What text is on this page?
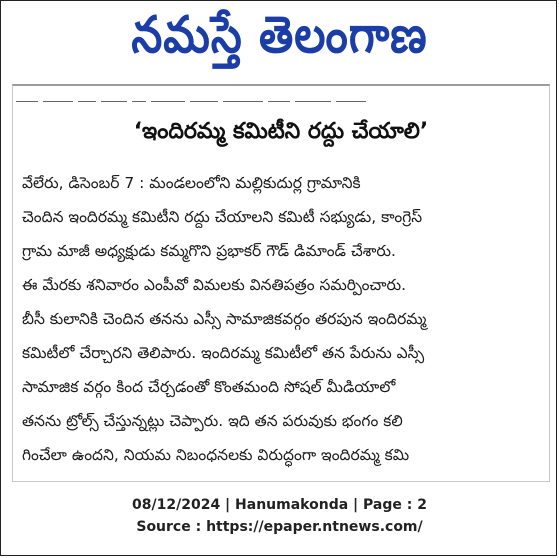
నమస్తే తెలంగాణ
‘ఇందిరమ్మ కమిటీని రద్దు చేయాలి’
వేలేరు, డిసెంబర్ 7 : మండలంలోని మల్లికుదుర్ల గ్రామానికి
చెందిన ఇందిరమ్మ కమిటీని రద్దు చేయాలని కమిటీ సభ్యుడు, కాంగ్రెస్
గ్రామ మాజీ అధ్యక్షుడు కమ్మగొని ప్రభాకర్ గౌడ్ డిమాండ్ చేశారు.
ఈ మేరకు శనివారం ఎంపీవో విమలకు వినతిపత్రం సమర్పించారు.
బీసీ కులానికి చెందిన తనను ఎస్సీ సామాజికవర్గం తరపున ఇందిరమ్మ
కమిటీలో చేర్చారని తెలిపారు. ఇందిరమ్మ కమిటీలో తన పేరును ఎస్సీ
సామాజిక వర్గం కింద చేర్చడంతో కొంతమంది సోషల్ మీడియాలో
తనను ట్రోల్స్ చేస్తున్నట్లు చెప్పారు. ఇది తన పరువుకు భంగం కలి
గించేలా ఉందని, నియమ నిబంధనలకు విరుద్ధంగా ఇందిరమ్మ కమి
08/12/2024 | Hanumakonda | Page : 2
Source : https://epaper.ntnews.com/
